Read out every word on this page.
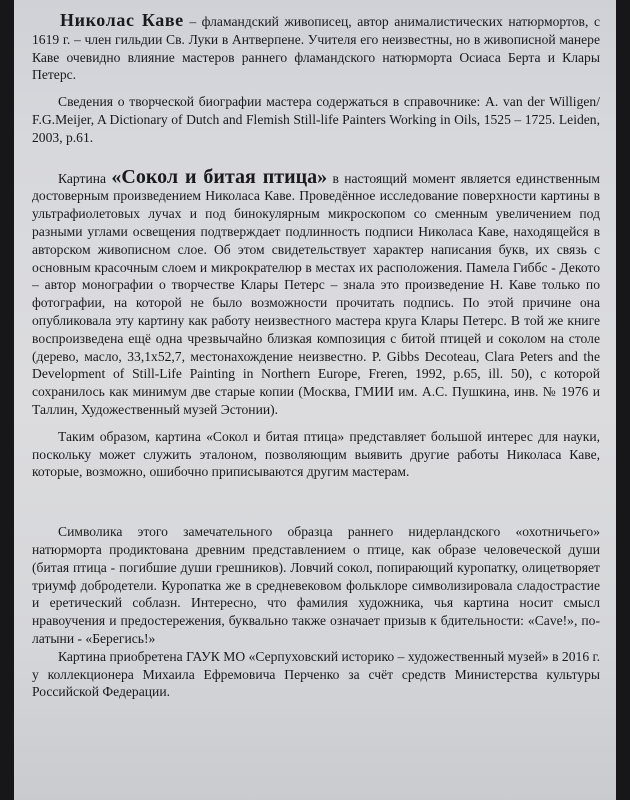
Николас Каве – фламандский живописец, автор анималистических натюрмортов, с 1619 г. – член гильдии Св. Луки в Антверпене. Учителя его неизвестны, но в живописной манере Каве очевидно влияние мастеров раннего фламандского натюрморта Осиаса Берта и Клары Петерс.

Сведения о творческой биографии мастера содержаться в справочнике: A. van der Willigen/ F.G.Meijer, A Dictionary of Dutch and Flemish Still-life Painters Working in Oils, 1525 – 1725. Leiden, 2003, p.61.

Картина «Сокол и битая птица» в настоящий момент является единственным достоверным произведением Николаса Каве. Проведённое исследование поверхности картины в ультрафиолетовых лучах и под бинокулярным микроскопом со сменным увеличением под разными углами освещения подтверждает подлинность подписи Николаса Каве, находящейся в авторском живописном слое. Об этом свидетельствует характер написания букв, их связь с основным красочным слоем и микрократелюр в местах их расположения. Памела Гиббс - Декото – автор монографии о творчестве Клары Петерс – знала это произведение Н. Каве только по фотографии, на которой не было возможности прочитать подпись. По этой причине она опубликовала эту картину как работу неизвестного мастера круга Клары Петерс. В той же книге воспроизведена ещё одна чрезвычайно близкая композиция с битой птицей и соколом на столе (дерево, масло, 33,1х52,7, местонахождение неизвестно. P. Gibbs Decoteau, Clara Peters and the Development of Still-Life Painting in Northern Europe, Freren, 1992, p.65, ill. 50), с которой сохранилось как минимум две старые копии (Москва, ГМИИ им. А.С. Пушкина, инв. № 1976 и Таллин, Художественный музей Эстонии).

Таким образом, картина «Сокол и битая птица» представляет большой интерес для науки, поскольку может служить эталоном, позволяющим выявить другие работы Николаса Каве, которые, возможно, ошибочно приписываются другим мастерам.

Символика этого замечательного образца раннего нидерландского «охотничьего» натюрморта продиктована древним представлением о птице, как образе человеческой души (битая птица - погибшие души грешников). Ловчий сокол, попирающий куропатку, олицетворяет триумф добродетели. Куропатка же в средневековом фольклоре символизировала сладострастие и еретический соблазн. Интересно, что фамилия художника, чья картина носит смысл нравоучения и предостережения, буквально также означает призыв к бдительности: «Cave!», по-латыни - «Берегись!»

Картина приобретена ГАУК МО «Серпуховский историко – художественный музей» в 2016 г. у коллекционера Михаила Ефремовича Перченко за счёт средств Министерства культуры Российской Федерации.
